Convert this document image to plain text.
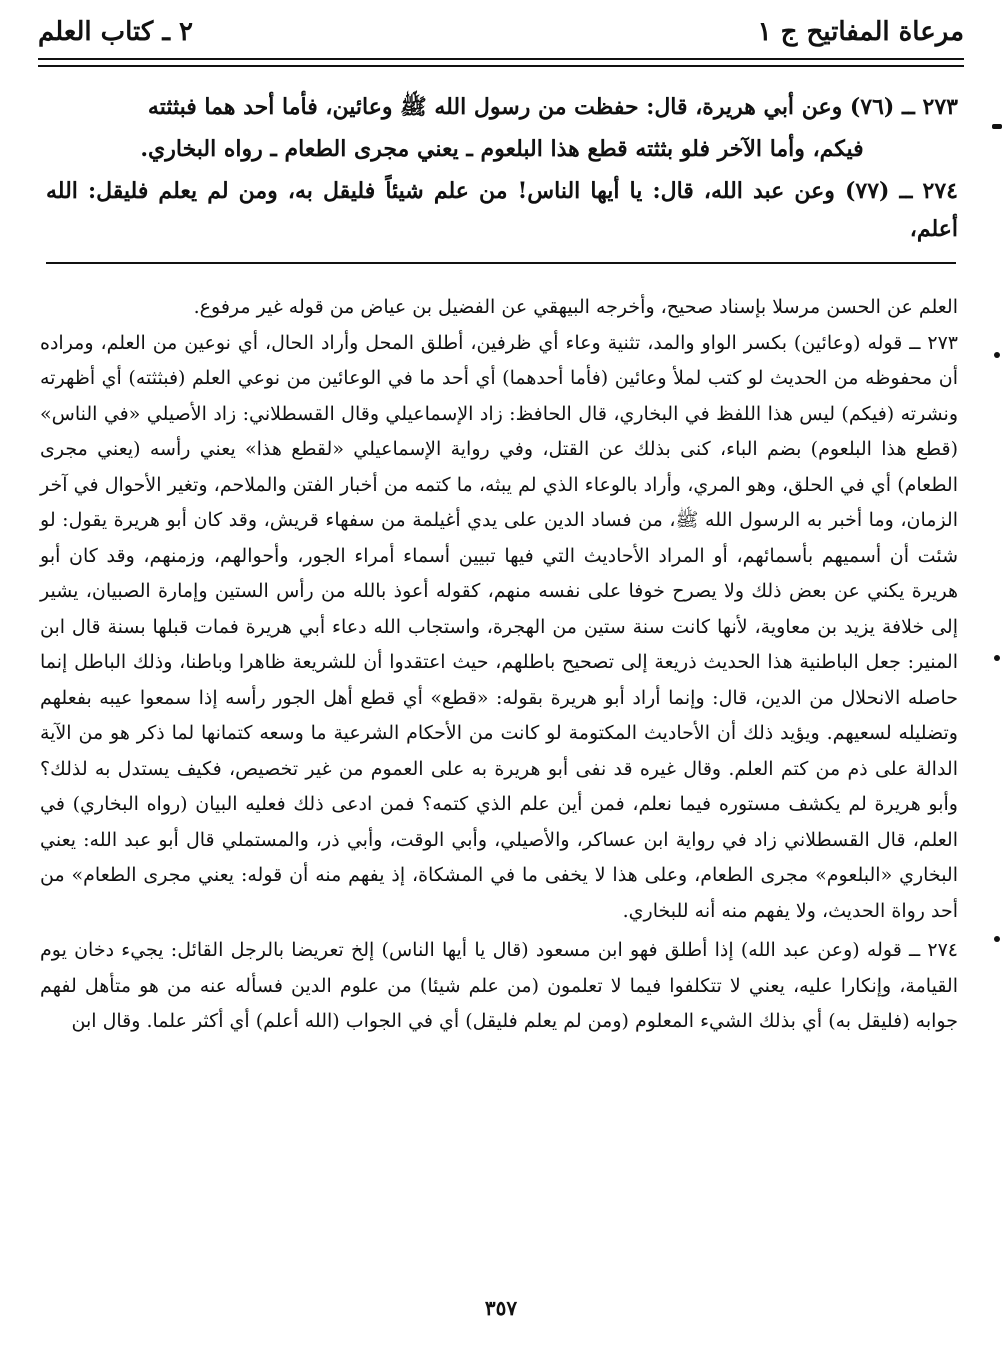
مرعاة المفاتيح ج ١
٢ ـ كتاب العلم

٢٧٣ ــ (٧٦) وعن أبي هريرة، قال: حفظت من رسول الله ﷺ وعائين، فأما أحد هما فبثثته

فيكم، وأما الآخر فلو بثثته قطع هذا البلعوم ـ يعني مجرى الطعام ـ رواه البخاري.

٢٧٤ ــ (٧٧) وعن عبد الله، قال: يا أيها الناس! من علم شيئاً فليقل به، ومن لم يعلم فليقل: الله أعلم،

العلم عن الحسن مرسلا بإسناد صحيح، وأخرجه البيهقي عن الفضيل بن عياض من قوله غير مرفوع.

٢٧٣ ــ قوله (وعائين) بكسر الواو والمد، تثنية وعاء أي ظرفين، أطلق المحل وأراد الحال، أي نوعين من العلم، ومراده أن محفوظه من الحديث لو كتب لملأ وعائين (فأما أحدهما) أي أحد ما في الوعائين من نوعي العلم (فبثثته) أي أظهرته ونشرته (فيكم) ليس هذا اللفظ في البخاري، قال الحافظ: زاد الإسماعيلي وقال القسطلاني: زاد الأصيلي «في الناس» (قطع هذا البلعوم) بضم الباء، كنى بذلك عن القتل، وفي رواية الإسماعيلي «لقطع هذا» يعني رأسه (يعني مجرى الطعام) أي في الحلق، وهو المري، وأراد بالوعاء الذي لم يبثه، ما كتمه من أخبار الفتن والملاحم، وتغير الأحوال في آخر الزمان، وما أخبر به الرسول الله ﷺ، من فساد الدين على يدي أغيلمة من سفهاء قريش، وقد كان أبو هريرة يقول: لو شئت أن أسميهم بأسمائهم، أو المراد الأحاديث التي فيها تبيين أسماء أمراء الجور، وأحوالهم، وزمنهم، وقد كان أبو هريرة يكني عن بعض ذلك ولا يصرح خوفا على نفسه منهم، كقوله أعوذ بالله من رأس الستين وإمارة الصبيان، يشير إلى خلافة يزيد بن معاوية، لأنها كانت سنة ستين من الهجرة، واستجاب الله دعاء أبي هريرة فمات قبلها بسنة قال ابن المنير: جعل الباطنية هذا الحديث ذريعة إلى تصحيح باطلهم، حيث اعتقدوا أن للشريعة ظاهرا وباطنا، وذلك الباطل إنما حاصله الانحلال من الدين، قال: وإنما أراد أبو هريرة بقوله: «قطع» أي قطع أهل الجور رأسه إذا سمعوا عيبه بفعلهم وتضليله لسعيهم. ويؤيد ذلك أن الأحاديث المكتومة لو كانت من الأحكام الشرعية ما وسعه كتمانها لما ذكر هو من الآية الدالة على ذم من كتم العلم. وقال غيره قد نفى أبو هريرة به على العموم من غير تخصيص، فكيف يستدل به لذلك؟ وأبو هريرة لم يكشف مستوره فيما نعلم، فمن أين علم الذي كتمه؟ فمن ادعى ذلك فعليه البيان (رواه البخاري) في العلم، قال القسطلاني زاد في رواية ابن عساكر، والأصيلي، وأبي الوقت، وأبي ذر، والمستملي قال أبو عبد الله: يعني البخاري «البلعوم» مجرى الطعام، وعلى هذا لا يخفى ما في المشكاة، إذ يفهم منه أن قوله: يعني مجرى الطعام» من أحد رواة الحديث، ولا يفهم منه أنه للبخاري.

٢٧٤ ــ قوله (وعن عبد الله) إذا أطلق فهو ابن مسعود (قال يا أيها الناس) إلخ تعريضا بالرجل القائل: يجيء دخان يوم القيامة، وإنكارا عليه، يعني لا تتكلفوا فيما لا تعلمون (من علم شيئا) من علوم الدين فسأله عنه من هو متأهل لفهم جوابه (فليقل به) أي بذلك الشيء المعلوم (ومن لم يعلم فليقل) أي في الجواب (الله أعلم) أي أكثر علما. وقال ابن

٣٥٧
